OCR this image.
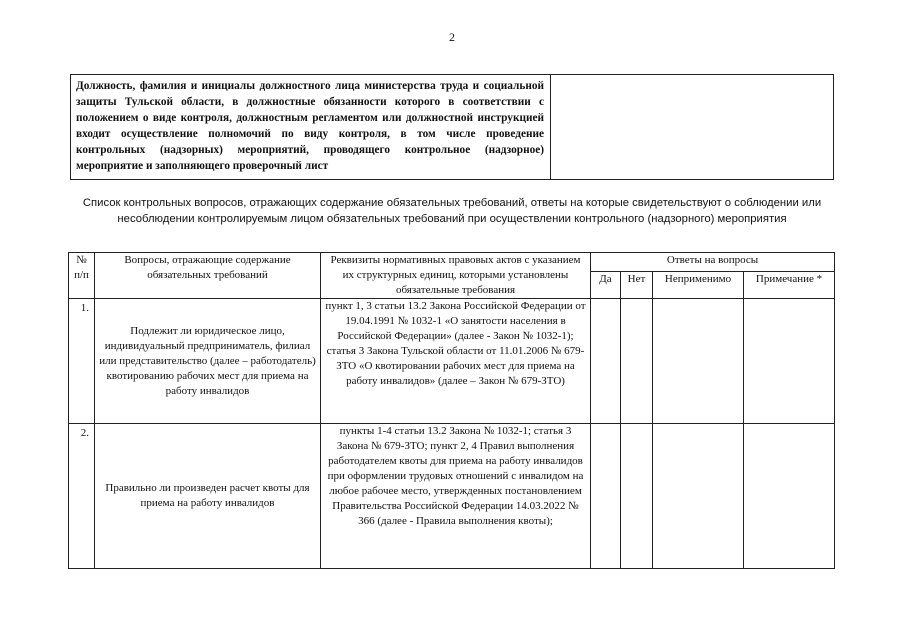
2
Должность, фамилия и инициалы должностного лица министерства труда и социальной защиты Тульской области, в должностные обязанности которого в соответствии с положением о виде контроля, должностным регламентом или должностной инструкцией входит осуществление полномочий по виду контроля, в том числе проведение контрольных (надзорных) мероприятий, проводящего контрольное (надзорное) мероприятие и заполняющего проверочный лист
Список контрольных вопросов, отражающих содержание обязательных требований, ответы на которые свидетельствуют о соблюдении или несоблюдении контролируемым лицом обязательных требований при осуществлении контрольного (надзорного) мероприятия
№ п/п	Вопросы, отражающие содержание обязательных требований	Реквизиты нормативных правовых актов с указанием их структурных единиц, которыми установлены обязательные требования	Ответы на вопросы			
			Да	Нет	Неприменимо	Примечание *
1.	Подлежит ли юридическое лицо, индивидуальный предприниматель, филиал или представительство (далее – работодатель) квотированию рабочих мест для приема на работу инвалидов	пункт 1, 3 статьи 13.2 Закона Российской Федерации от 19.04.1991 № 1032-1 «О занятости населения в Российской Федерации» (далее - Закон № 1032-1); статья 3 Закона Тульской области от 11.01.2006 № 679-ЗТО «О квотировании рабочих мест для приема на работу инвалидов» (далее – Закон № 679-ЗТО)				
2.	Правильно ли произведен расчет квоты для приема на работу инвалидов	пункты 1-4 статьи 13.2 Закона № 1032-1; статья 3 Закона № 679-ЗТО; пункт 2, 4 Правил выполнения работодателем квоты для приема на работу инвалидов при оформлении трудовых отношений с инвалидом на любое рабочее место, утвержденных постановлением Правительства Российской Федерации 14.03.2022 № 366 (далее - Правила выполнения квоты);				
